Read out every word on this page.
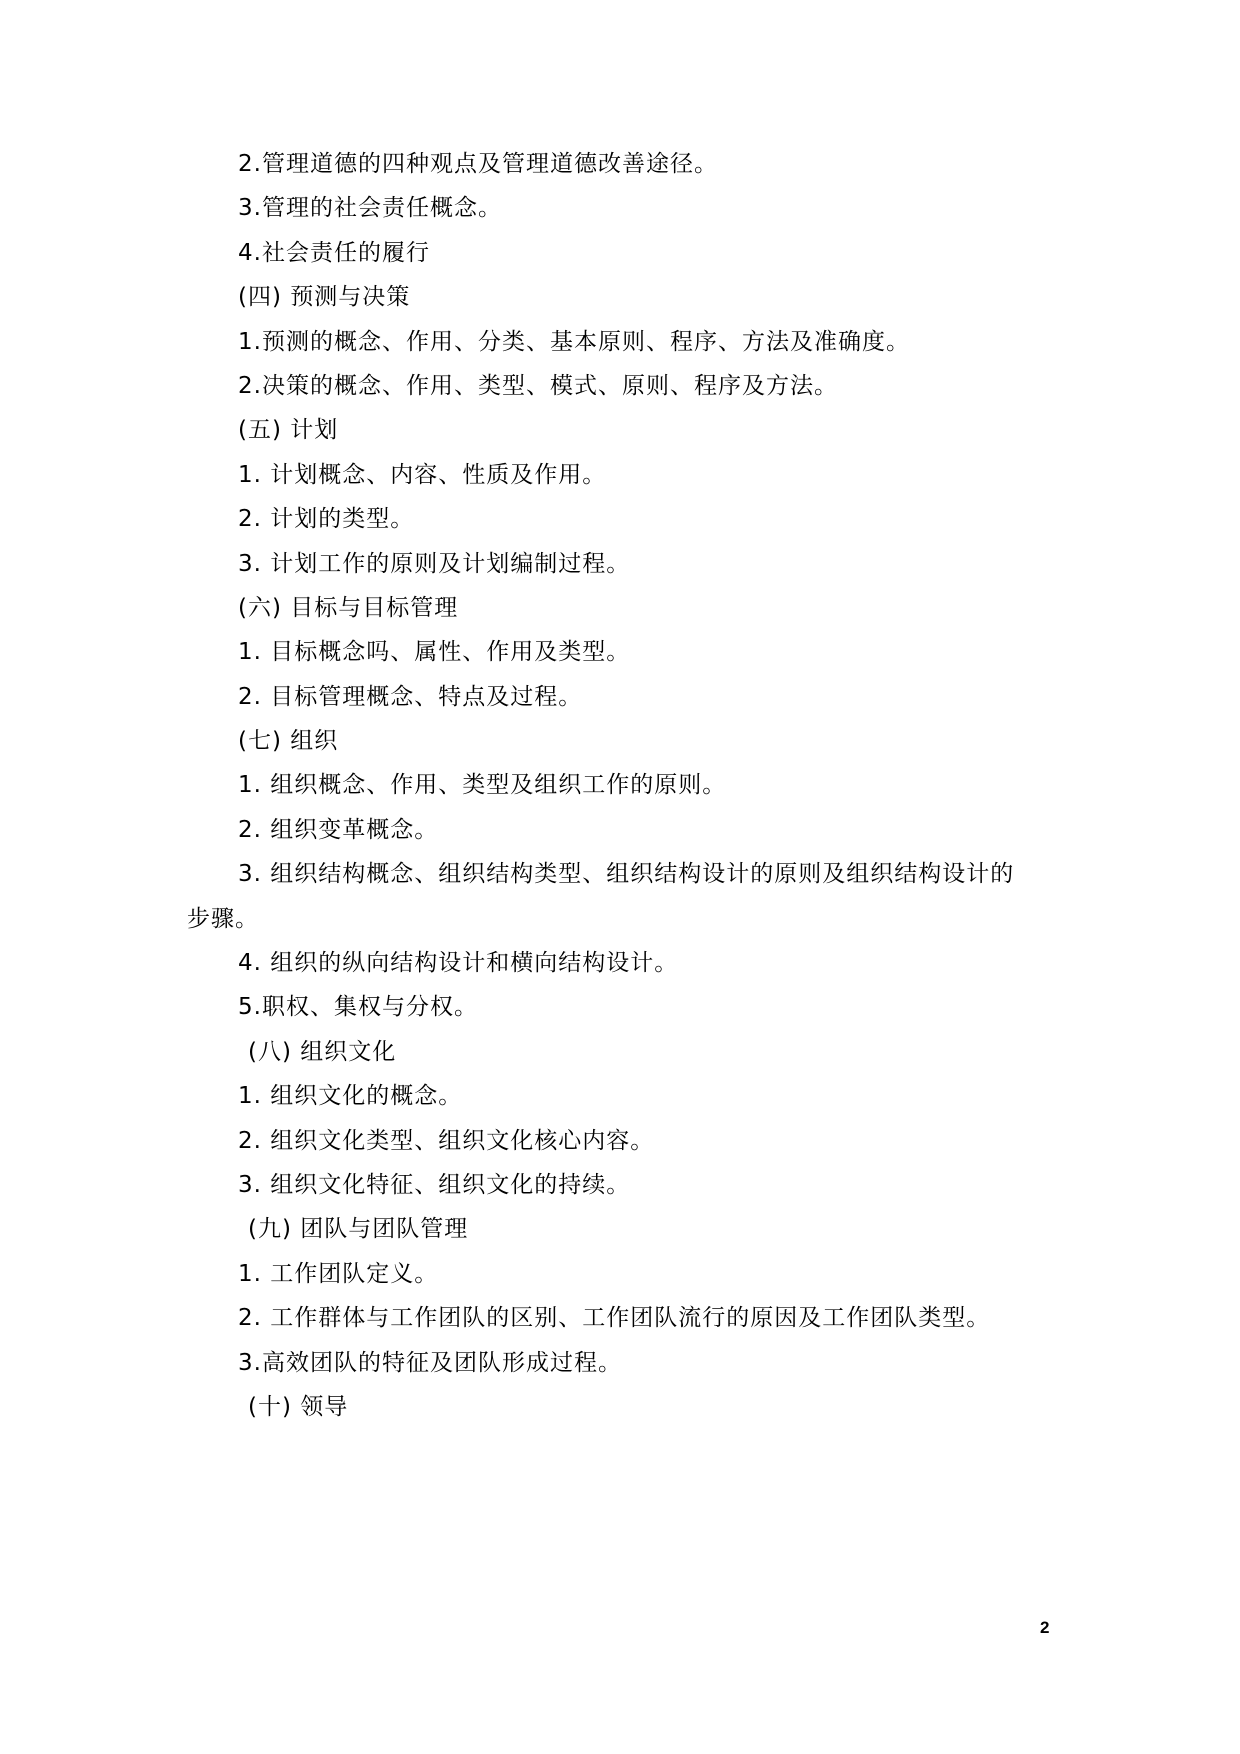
2.管理道德的四种观点及管理道德改善途径。
3.管理的社会责任概念。
4.社会责任的履行
(四) 预测与决策
1.预测的概念、作用、分类、基本原则、程序、方法及准确度。
2.决策的概念、作用、类型、模式、原则、程序及方法。
(五) 计划
1. 计划概念、内容、性质及作用。
2. 计划的类型。
3. 计划工作的原则及计划编制过程。
(六) 目标与目标管理
1. 目标概念吗、属性、作用及类型。
2. 目标管理概念、特点及过程。
(七) 组织
1. 组织概念、作用、类型及组织工作的原则。
2. 组织变革概念。
3. 组织结构概念、组织结构类型、组织结构设计的原则及组织结构设计的
步骤。
4. 组织的纵向结构设计和横向结构设计。
5.职权、集权与分权。
(八) 组织文化
1. 组织文化的概念。
2. 组织文化类型、组织文化核心内容。
3. 组织文化特征、组织文化的持续。
(九) 团队与团队管理
1. 工作团队定义。
2. 工作群体与工作团队的区别、工作团队流行的原因及工作团队类型。
3.高效团队的特征及团队形成过程。
(十) 领导
2
